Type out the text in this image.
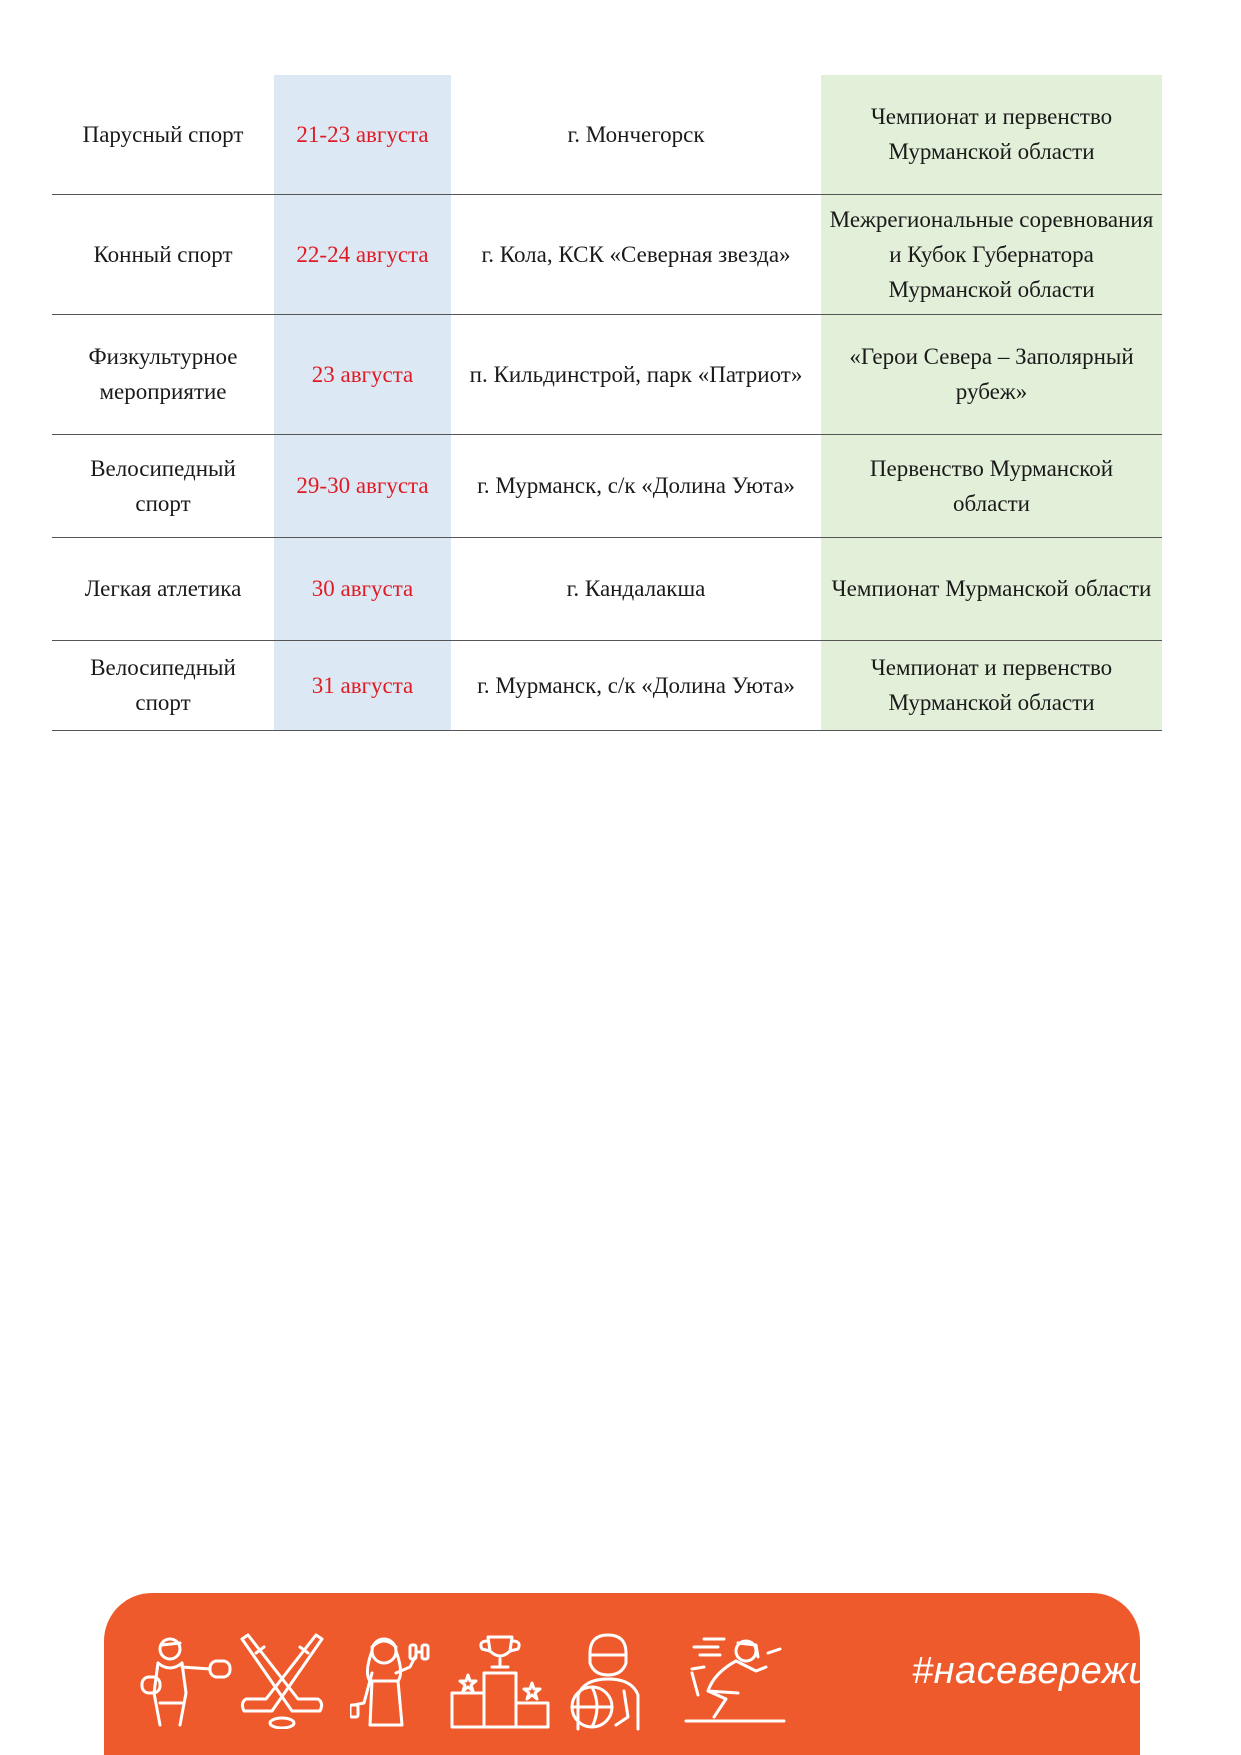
Парусный спорт	21-23 августа	г. Мончегорск	Чемпионат и первенство Мурманской области
Конный спорт	22-24 августа	г. Кола, КСК «Северная звезда»	Межрегиональные соревнования и Кубок Губернатора Мурманской области
Физкультурное мероприятие	23 августа	п. Кильдинстрой, парк «Патриот»	«Герои Севера – Заполярный рубеж»
Велосипедный спорт	29-30 августа	г. Мурманск, с/к «Долина Уюта»	Первенство Мурманской области
Легкая атлетика	30 августа	г. Кандалакша	Чемпионат Мурманской области
Велосипедный спорт	31 августа	г. Мурманск, с/к «Долина Уюта»	Чемпионат и первенство Мурманской области
#насевережить
